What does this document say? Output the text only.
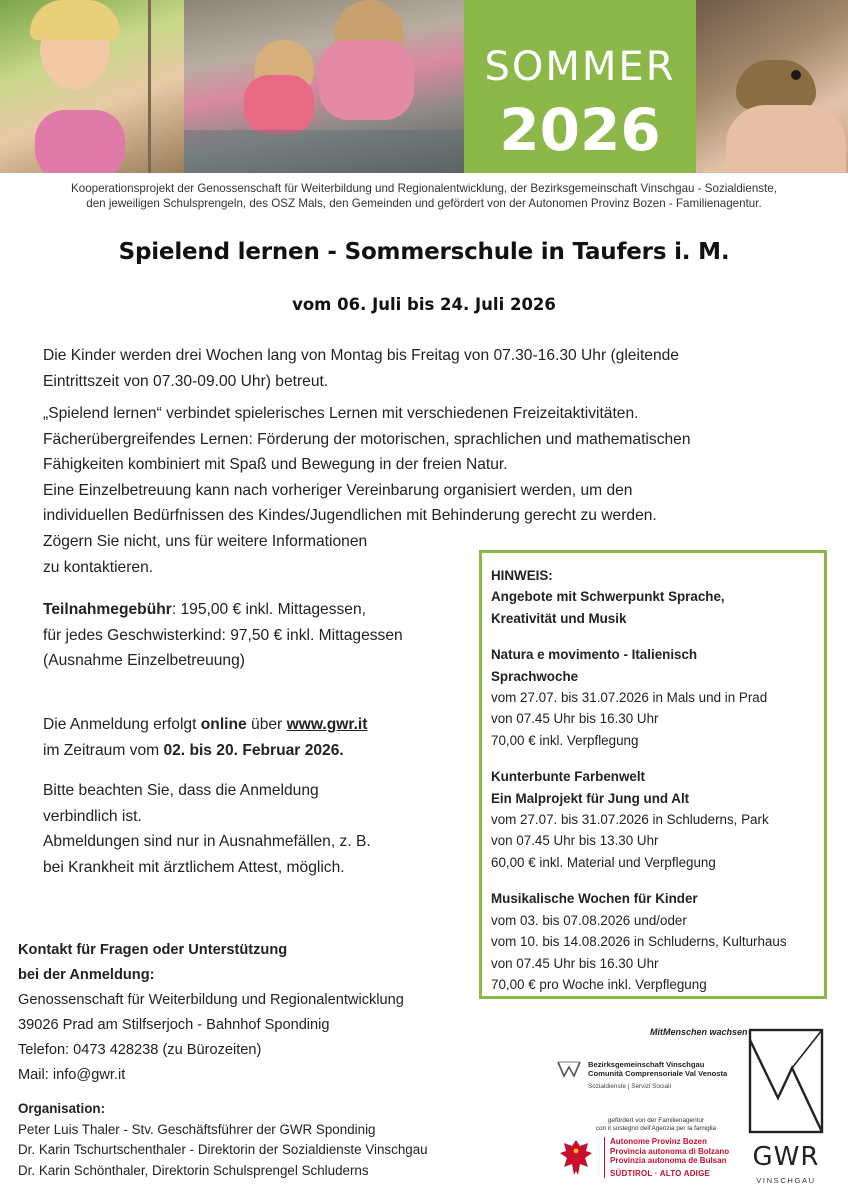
SOMMER
2026
Kooperationsprojekt der Genossenschaft für Weiterbildung und Regionalentwicklung, der Bezirksgemeinschaft Vinschgau - Sozialdienste,
den jeweiligen Schulsprengeln, des OSZ Mals, den Gemeinden und gefördert von der Autonomen Provinz Bozen - Familienagentur.
Spielend lernen - Sommerschule in Taufers i. M.
vom 06. Juli bis 24. Juli 2026
Die Kinder werden drei Wochen lang von Montag bis Freitag von 07.30-16.30 Uhr (gleitende
Eintrittszeit von 07.30-09.00 Uhr) betreut.
„Spielend lernen“ verbindet spielerisches Lernen mit verschiedenen Freizeitaktivitäten.
Fächerübergreifendes Lernen: Förderung der motorischen, sprachlichen und mathematischen
Fähigkeiten kombiniert mit Spaß und Bewegung in der freien Natur.
Eine Einzelbetreuung kann nach vorheriger Vereinbarung organisiert werden, um den
individuellen Bedürfnissen des Kindes/Jugendlichen mit Behinderung gerecht zu werden.
Zögern Sie nicht, uns für weitere Informationen
zu kontaktieren.
Teilnahmegebühr: 195,00 € inkl. Mittagessen,
für jedes Geschwisterkind: 97,50 € inkl. Mittagessen
(Ausnahme Einzelbetreuung)
Die Anmeldung erfolgt online über www.gwr.it
im Zeitraum vom 02. bis 20. Februar 2026.
Bitte beachten Sie, dass die Anmeldung
verbindlich ist.
Abmeldungen sind nur in Ausnahmefällen, z. B.
bei Krankheit mit ärztlichem Attest, möglich.
Kontakt für Fragen oder Unterstützung
bei der Anmeldung:
Genossenschaft für Weiterbildung und Regionalentwicklung
39026 Prad am Stilfserjoch - Bahnhof Spondinig
Telefon: 0473 428238 (zu Bürozeiten)
Mail: info@gwr.it
Organisation:
Peter Luis Thaler - Stv. Geschäftsführer der GWR Spondinig
Dr. Karin Tschurtschenthaler - Direktorin der Sozialdienste Vinschgau
Dr. Karin Schönthaler, Direktorin Schulsprengel Schluderns
HINWEIS:
Angebote mit Schwerpunkt Sprache,
Kreativität und Musik
Natura e movimento - Italienisch
Sprachwoche
vom 27.07. bis 31.07.2026 in Mals und in Prad
von 07.45 Uhr bis 16.30 Uhr
70,00 € inkl. Verpflegung
Kunterbunte Farbenwelt
Ein Malprojekt für Jung und Alt
vom 27.07. bis 31.07.2026 in Schluderns, Park
von 07.45 Uhr bis 13.30 Uhr
60,00 € inkl. Material und Verpflegung
Musikalische Wochen für Kinder
vom 03. bis 07.08.2026 und/oder
vom 10. bis 14.08.2026 in Schluderns, Kulturhaus
von 07.45 Uhr bis 16.30 Uhr
70,00 € pro Woche inkl. Verpflegung
MitMenschen wachsen
Bezirksgemeinschaft Vinschgau
Comunità Comprensoriale Val Venosta
Sozialdienste | Servizi Sociali
gefördert von der Familienagentur
con il sostegno dell'Agenzia per la famiglia
Autonome Provinz Bozen
Provincia autonoma di Bolzano
Provinzia autonoma de Bulsan
SÜDTIROL · ALTO ADIGE
GWR
VINSCHGAU
